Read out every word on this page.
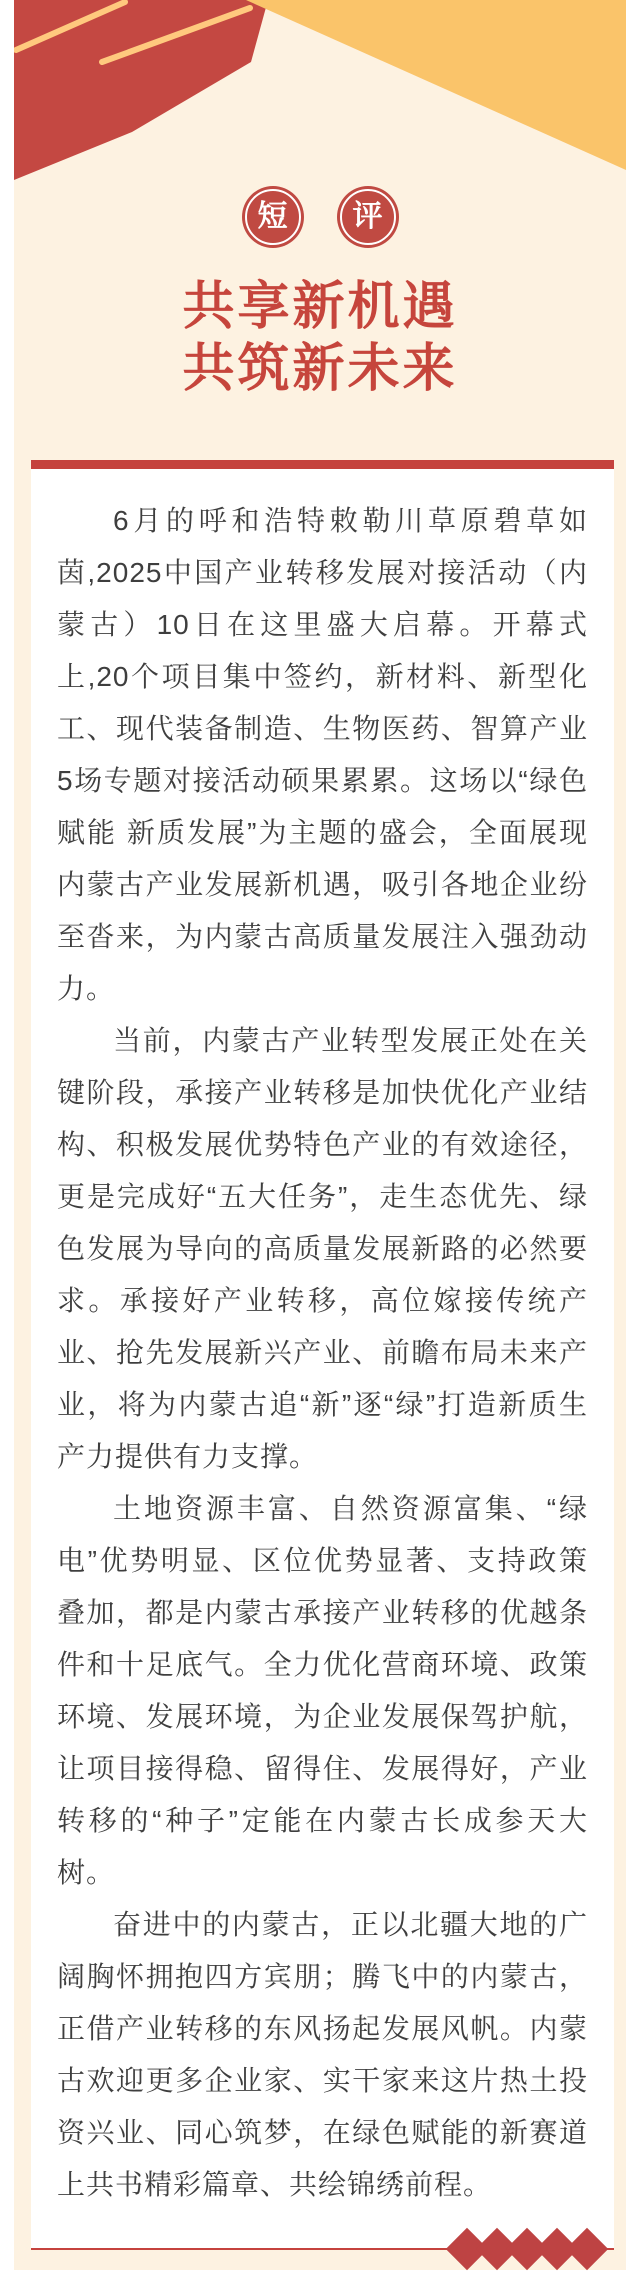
短 评
共享新机遇
共筑新未来

6月的呼和浩特敕勒川草原碧草如茵,2025中国产业转移发展对接活动（内蒙古）10日在这里盛大启幕。开幕式上,20个项目集中签约，新材料、新型化工、现代装备制造、生物医药、智算产业5场专题对接活动硕果累累。这场以“绿色赋能 新质发展”为主题的盛会，全面展现内蒙古产业发展新机遇，吸引各地企业纷至沓来，为内蒙古高质量发展注入强劲动力。

当前，内蒙古产业转型发展正处在关键阶段，承接产业转移是加快优化产业结构、积极发展优势特色产业的有效途径，更是完成好“五大任务”，走生态优先、绿色发展为导向的高质量发展新路的必然要求。承接好产业转移，高位嫁接传统产业、抢先发展新兴产业、前瞻布局未来产业，将为内蒙古追“新”逐“绿”打造新质生产力提供有力支撑。

土地资源丰富、自然资源富集、“绿电”优势明显、区位优势显著、支持政策叠加，都是内蒙古承接产业转移的优越条件和十足底气。全力优化营商环境、政策环境、发展环境，为企业发展保驾护航，让项目接得稳、留得住、发展得好，产业转移的“种子”定能在内蒙古长成参天大树。

奋进中的内蒙古，正以北疆大地的广阔胸怀拥抱四方宾朋；腾飞中的内蒙古，正借产业转移的东风扬起发展风帆。内蒙古欢迎更多企业家、实干家来这片热土投资兴业、同心筑梦，在绿色赋能的新赛道上共书精彩篇章、共绘锦绣前程。
